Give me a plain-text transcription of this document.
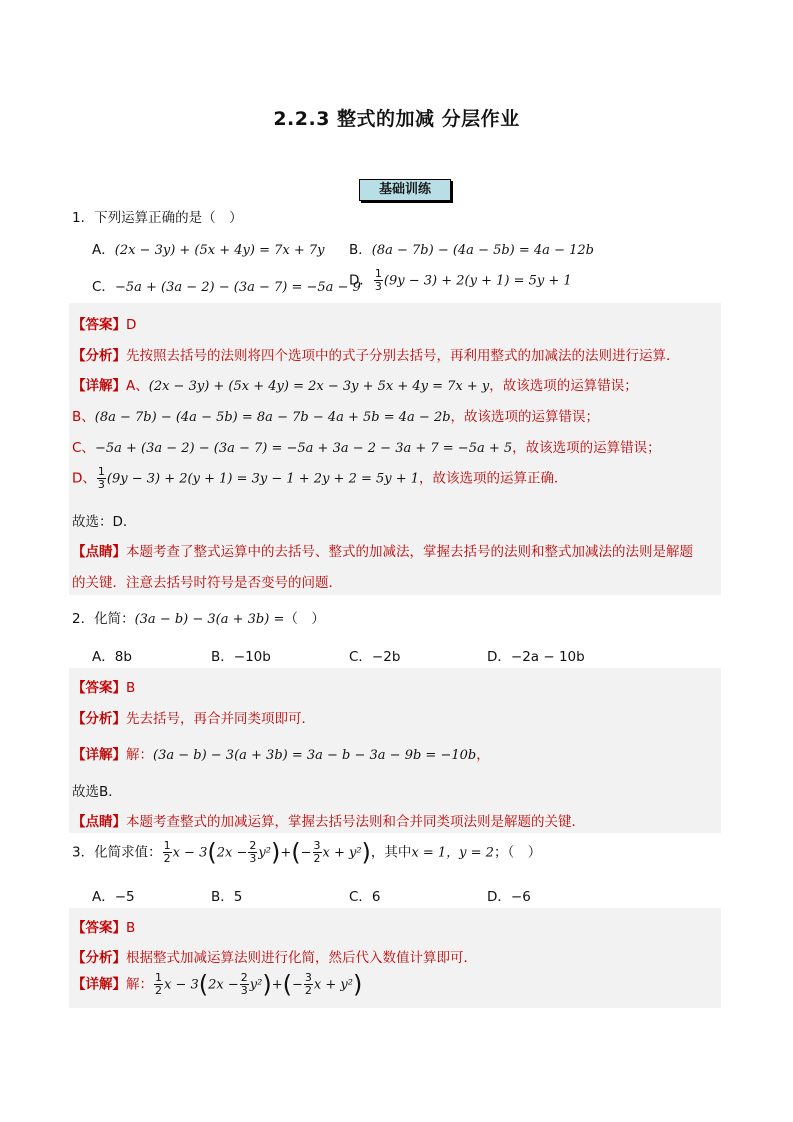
2.2.3 整式的加减 分层作业
基础训练
1．下列运算正确的是（　）
A．(2x − 3y) + (5x + 4y) = 7x + 7y B．(8a − 7b) − (4a − 5b) = 4a − 12b
C．−5a + (3a − 2) − (3a − 7) = −5a − 9
D． $\frac{1}{3} (9y - 3) + 2(y + 1) = 5y + 1$
【答案】D
【分析】先按照去括号的法则将四个选项中的式子分别去括号，再利用整式的加减法的法则进行运算．
【详解】A、(2x − 3y) + (5x + 4y) = 2x − 3y + 5x + 4y = 7x + y，故该选项的运算错误；
B、(8a − 7b) − (4a − 5b) = 8a − 7b − 4a + 5b = 4a − 2b，故该选项的运算错误；
C、−5a + (3a − 2) − (3a − 7) = −5a + 3a − 2 − 3a + 7 = −5a + 5，故该选项的运算错误；
D、 $\frac{1}{3} (9y - 3) + 2(y + 1) = 3y - 1 + 2y + 2 = 5y + 1$，故该选项的运算正确．
故选：D．
【点睛】本题考查了整式运算中的去括号、整式的加减法，掌握去括号的法则和整式加减法的法则是解题
的关键．注意去括号时符号是否变号的问题．
2．化简：(3a − b) − 3(a + 3b) =（　）
A．8b	B．−10b	C．−2b	D．−2a − 10b
【答案】B
【分析】先去括号，再合并同类项即可．
【详解】解：(3a − b) − 3(a + 3b) = 3a − b − 3a − 9b = −10b，
故选B．
【点睛】本题考查整式的加减运算，掌握去括号法则和合并同类项法则是解题的关键．
3．化简求值： $\frac{1}{2}$ $x - 3(2x - \frac{2}{3} y^2)+(- \frac{3}{2}$ x + y²)，其中x = 1，y = 2；（　）
A．−5	B．5	C．6	D．−6
【答案】B
【分析】根据整式加减运算法则进行化简，然后代入数值计算即可．
【详解】解： $\frac{1}{2}$ $x - 3(2x - \frac{2}{3} y^2)+(- \frac{3}{2}$ x + y²)
